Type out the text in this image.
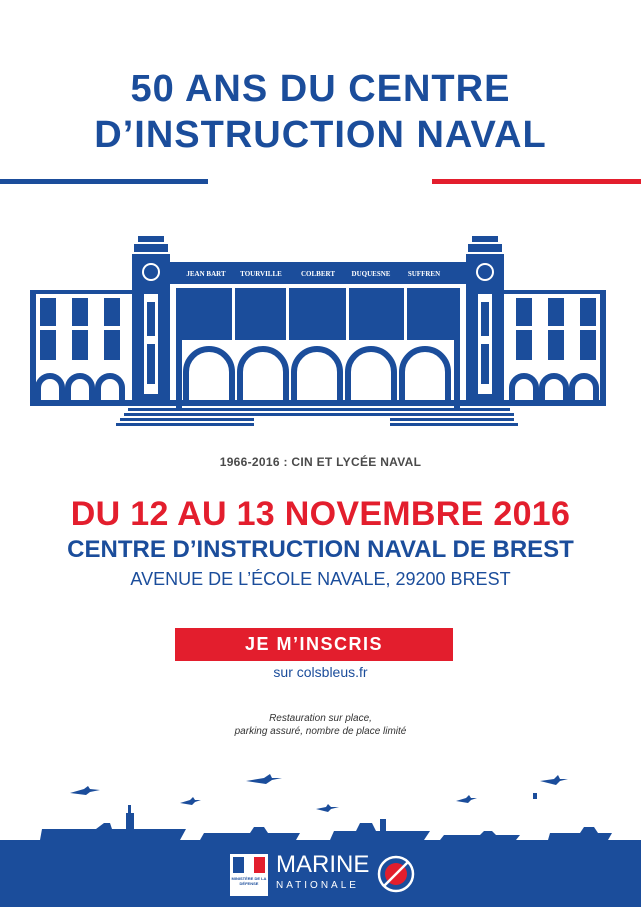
50 ANS DU CENTRE
D’INSTRUCTION NAVAL
JEAN BART TOURVILLE	COLBERT DUQUESNE SUFFREN
1966-2016 : CIN ET LYCÉE NAVAL
DU 12 AU 13 NOVEMBRE 2016
CENTRE D’INSTRUCTION NAVAL DE BREST
AVENUE DE L’ÉCOLE NAVALE, 29200 BREST
JE M’INSCRIS
sur colsbleus.fr
Restauration sur place,
parking assuré, nombre de place limité
MINISTÈRE DE LA DÉFENSE
MARINE
NATIONALE
